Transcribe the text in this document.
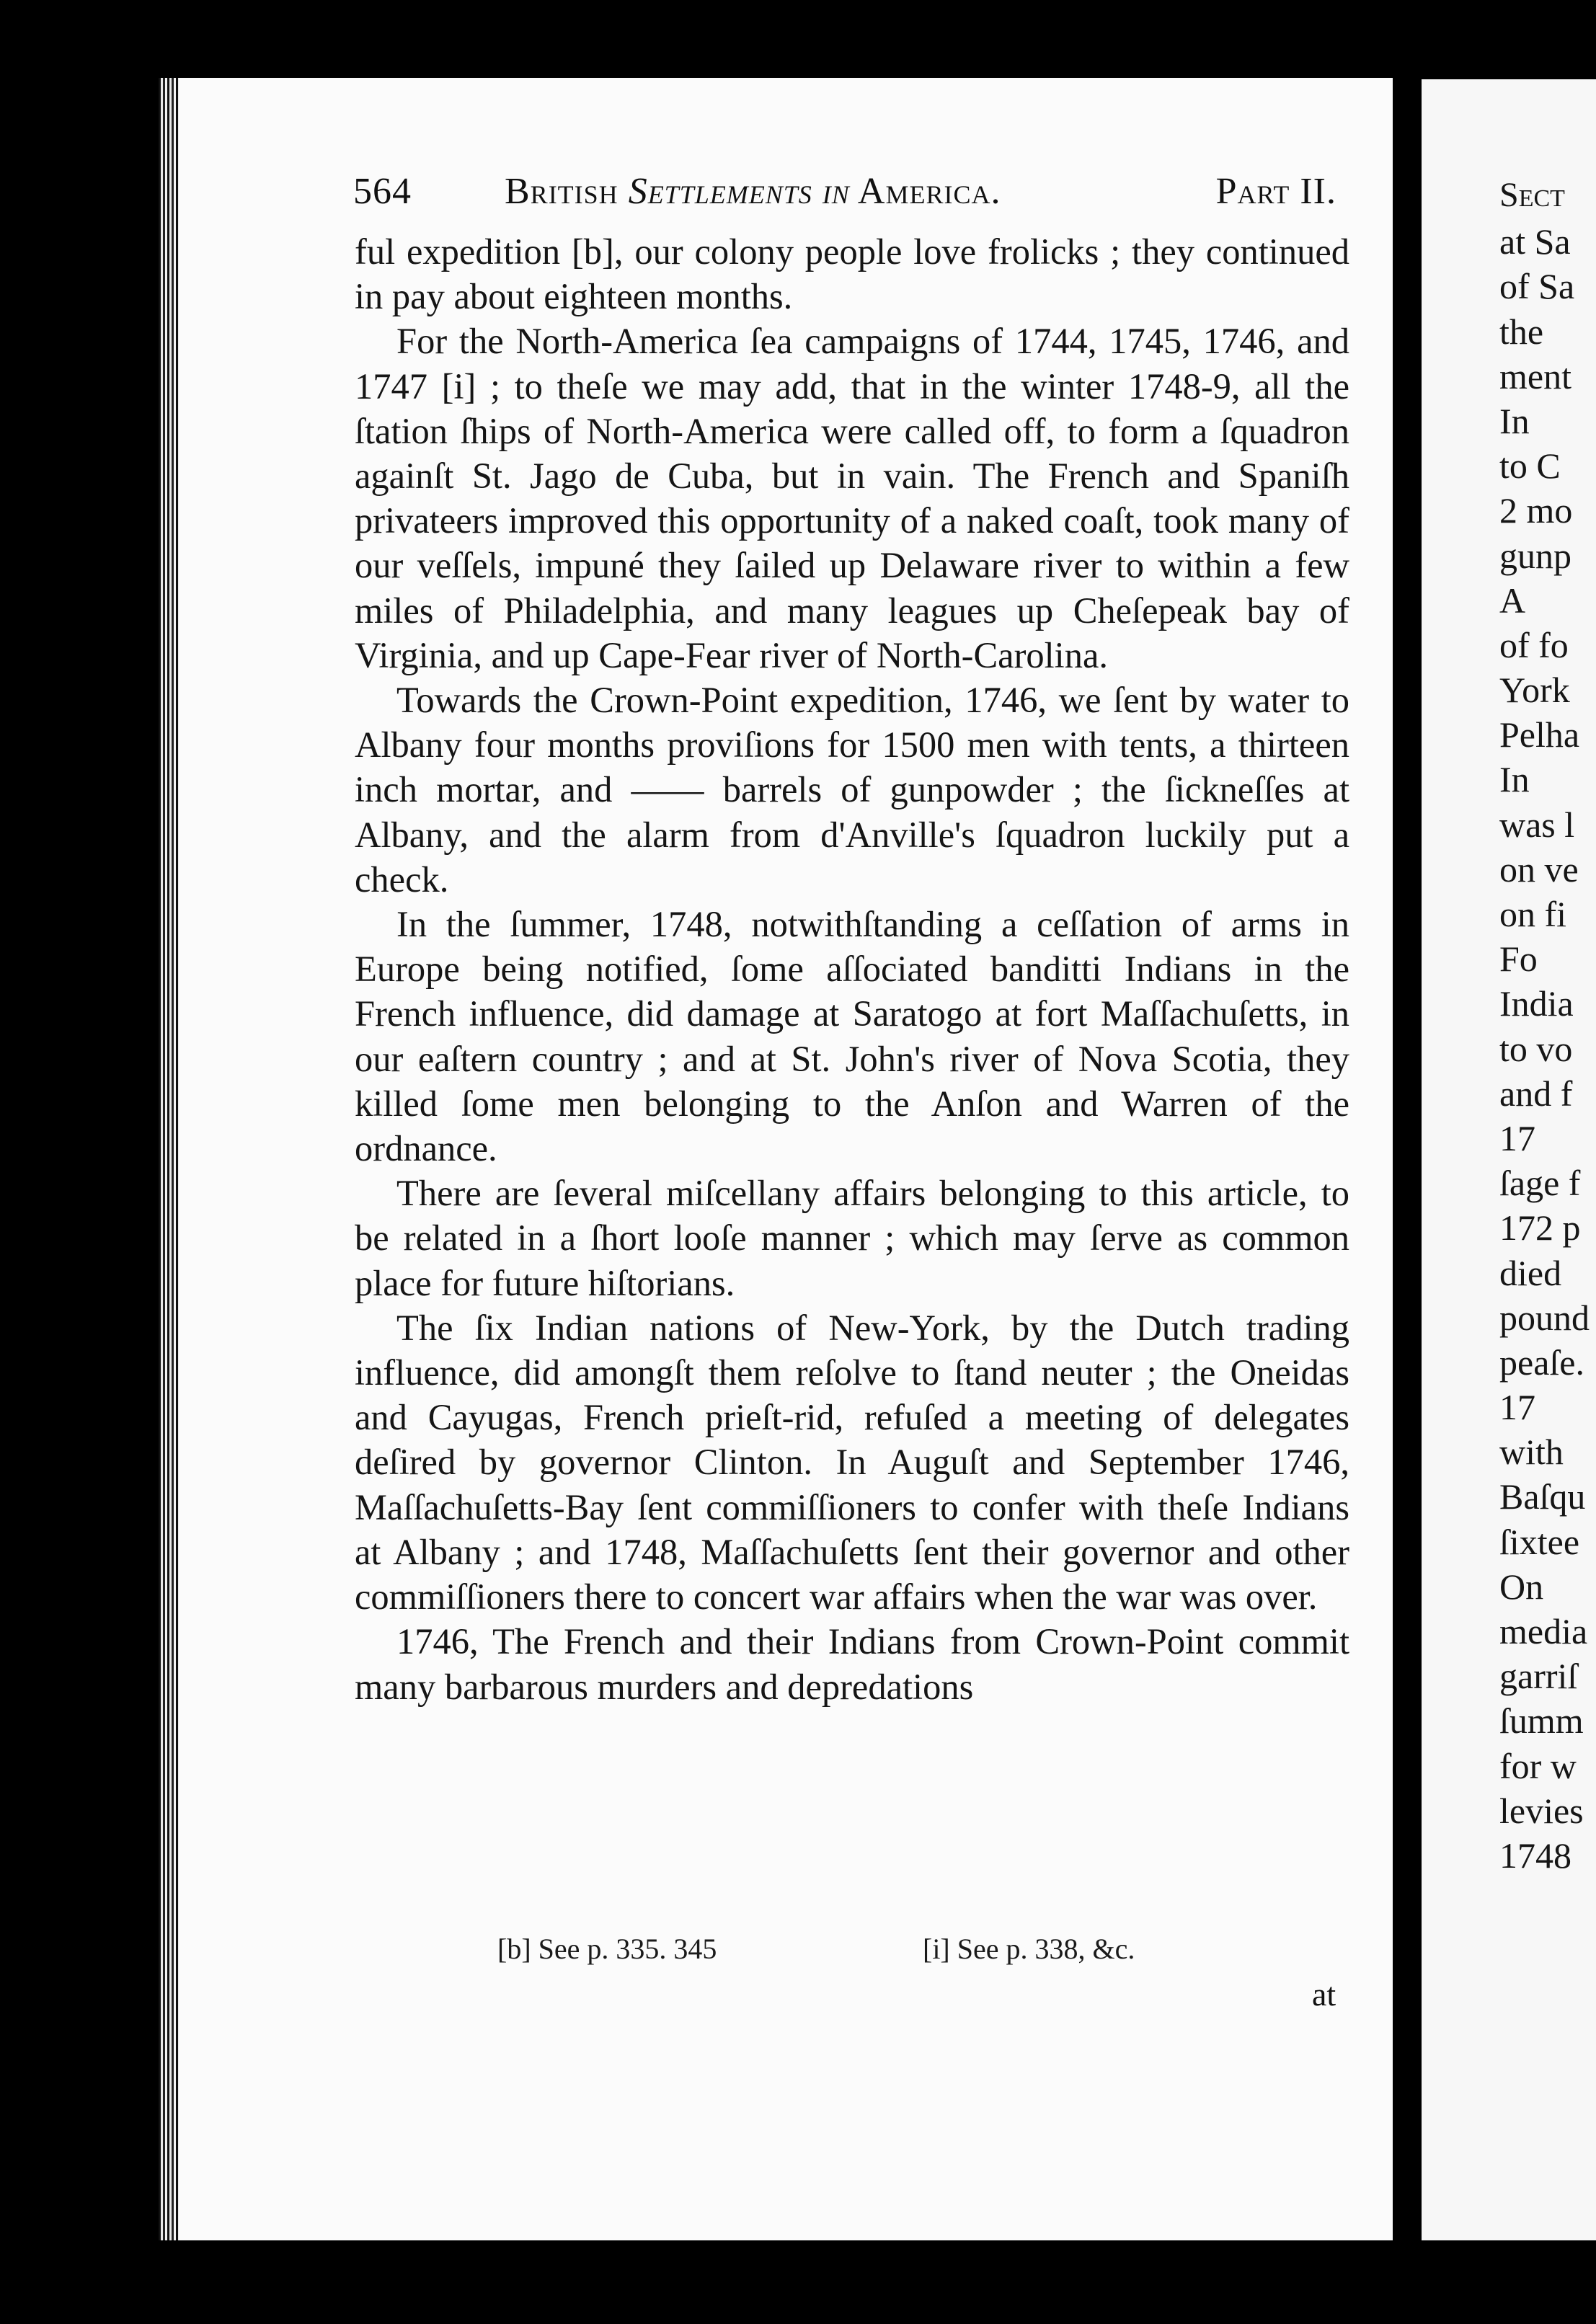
564 British Settlements in America.	Part II.

ful expedition [b], our colony people love frolicks ; they continued in pay about eighteen months.

For the North-America ſea campaigns of 1744, 1745, 1746, and 1747 [i] ; to theſe we may add, that in the winter 1748-9, all the ſtation ſhips of North-America were called off, to form a ſquadron againſt St. Jago de Cuba, but in vain. The French and Spaniſh privateers improved this opportunity of a naked coaſt, took many of our veſſels, impuné they ſailed up Delaware river to within a few miles of Philadelphia, and many leagues up Cheſepeak bay of Virginia, and up Cape-Fear river of North-Carolina.

Towards the Crown-Point expedition, 1746, we ſent by water to Albany four months proviſions for 1500 men with tents, a thirteen inch mortar, and —— barrels of gunpowder ; the ſickneſſes at Albany, and the alarm from d'Anville's ſquadron luckily put a check.

In the ſummer, 1748, notwithſtanding a ceſſation of arms in Europe being notified, ſome aſſociated banditti Indians in the French influence, did damage at Saratogo at fort Maſſachuſetts, in our eaſtern country ; and at St. John's river of Nova Scotia, they killed ſome men belonging to the Anſon and Warren of the ordnance.

There are ſeveral miſcellany affairs belonging to this article, to be related in a ſhort looſe manner ; which may ſerve as common place for future hiſtorians.

The ſix Indian nations of New-York, by the Dutch trading influence, did amongſt them reſolve to ſtand neuter ; the Oneidas and Cayugas, French prieſt-rid, refuſed a meeting of delegates deſired by governor Clinton. In Auguſt and September 1746, Maſſachuſetts-Bay ſent commiſſioners to confer with theſe Indians at Albany ; and 1748, Maſſachuſetts ſent their governor and other commiſſioners there to concert war affairs when the war was over.

1746, The French and their Indians from Crown-Point commit many barbarous murders and depredations

[b] See p. 335. 345	[i] See p. 338, &c.
at
Sect
at Sa
of Sa
the
ment
In
to C
2 mo
gunp
A
of fo
York
Pelha
In
was l
on ve
on fi
Fo
India
to vo
and f
17
ſage f
172 p
died
pound
peaſe.
17
with
Baſqu
ſixtee
On
media
garriſ
ſumm
for w
levies
1748
